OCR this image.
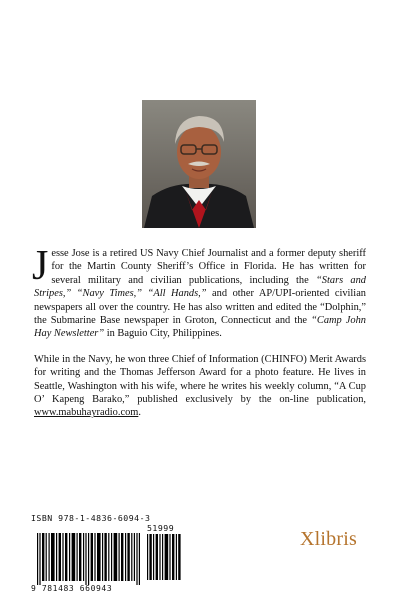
Jesse Jose is a retired US Navy Chief Journalist and a former deputy sheriff for the Martin County Sheriff’s Office in Florida. He has written for several military and civilian publications, including the “Stars and Stripes,” “Navy Times,” “All Hands,” and other AP/UPI-oriented civilian newspapers all over the country. He has also written and edited the “Dolphin,” the Submarine Base newspaper in Groton, Connecticut and the “Camp John Hay Newsletter” in Baguio City, Philippines.

While in the Navy, he won three Chief of Information (CHINFO) Merit Awards for writing and the Thomas Jefferson Award for a photo feature. He lives in Seattle, Washington with his wife, where he writes his weekly column, “A Cup O’ Kapeng Barako,” published exclusively by the on-line publication, www.mabuhayradio.com.

ISBN 978-1-4836-6094-3
51999
9 781483 660943
Xlibris
